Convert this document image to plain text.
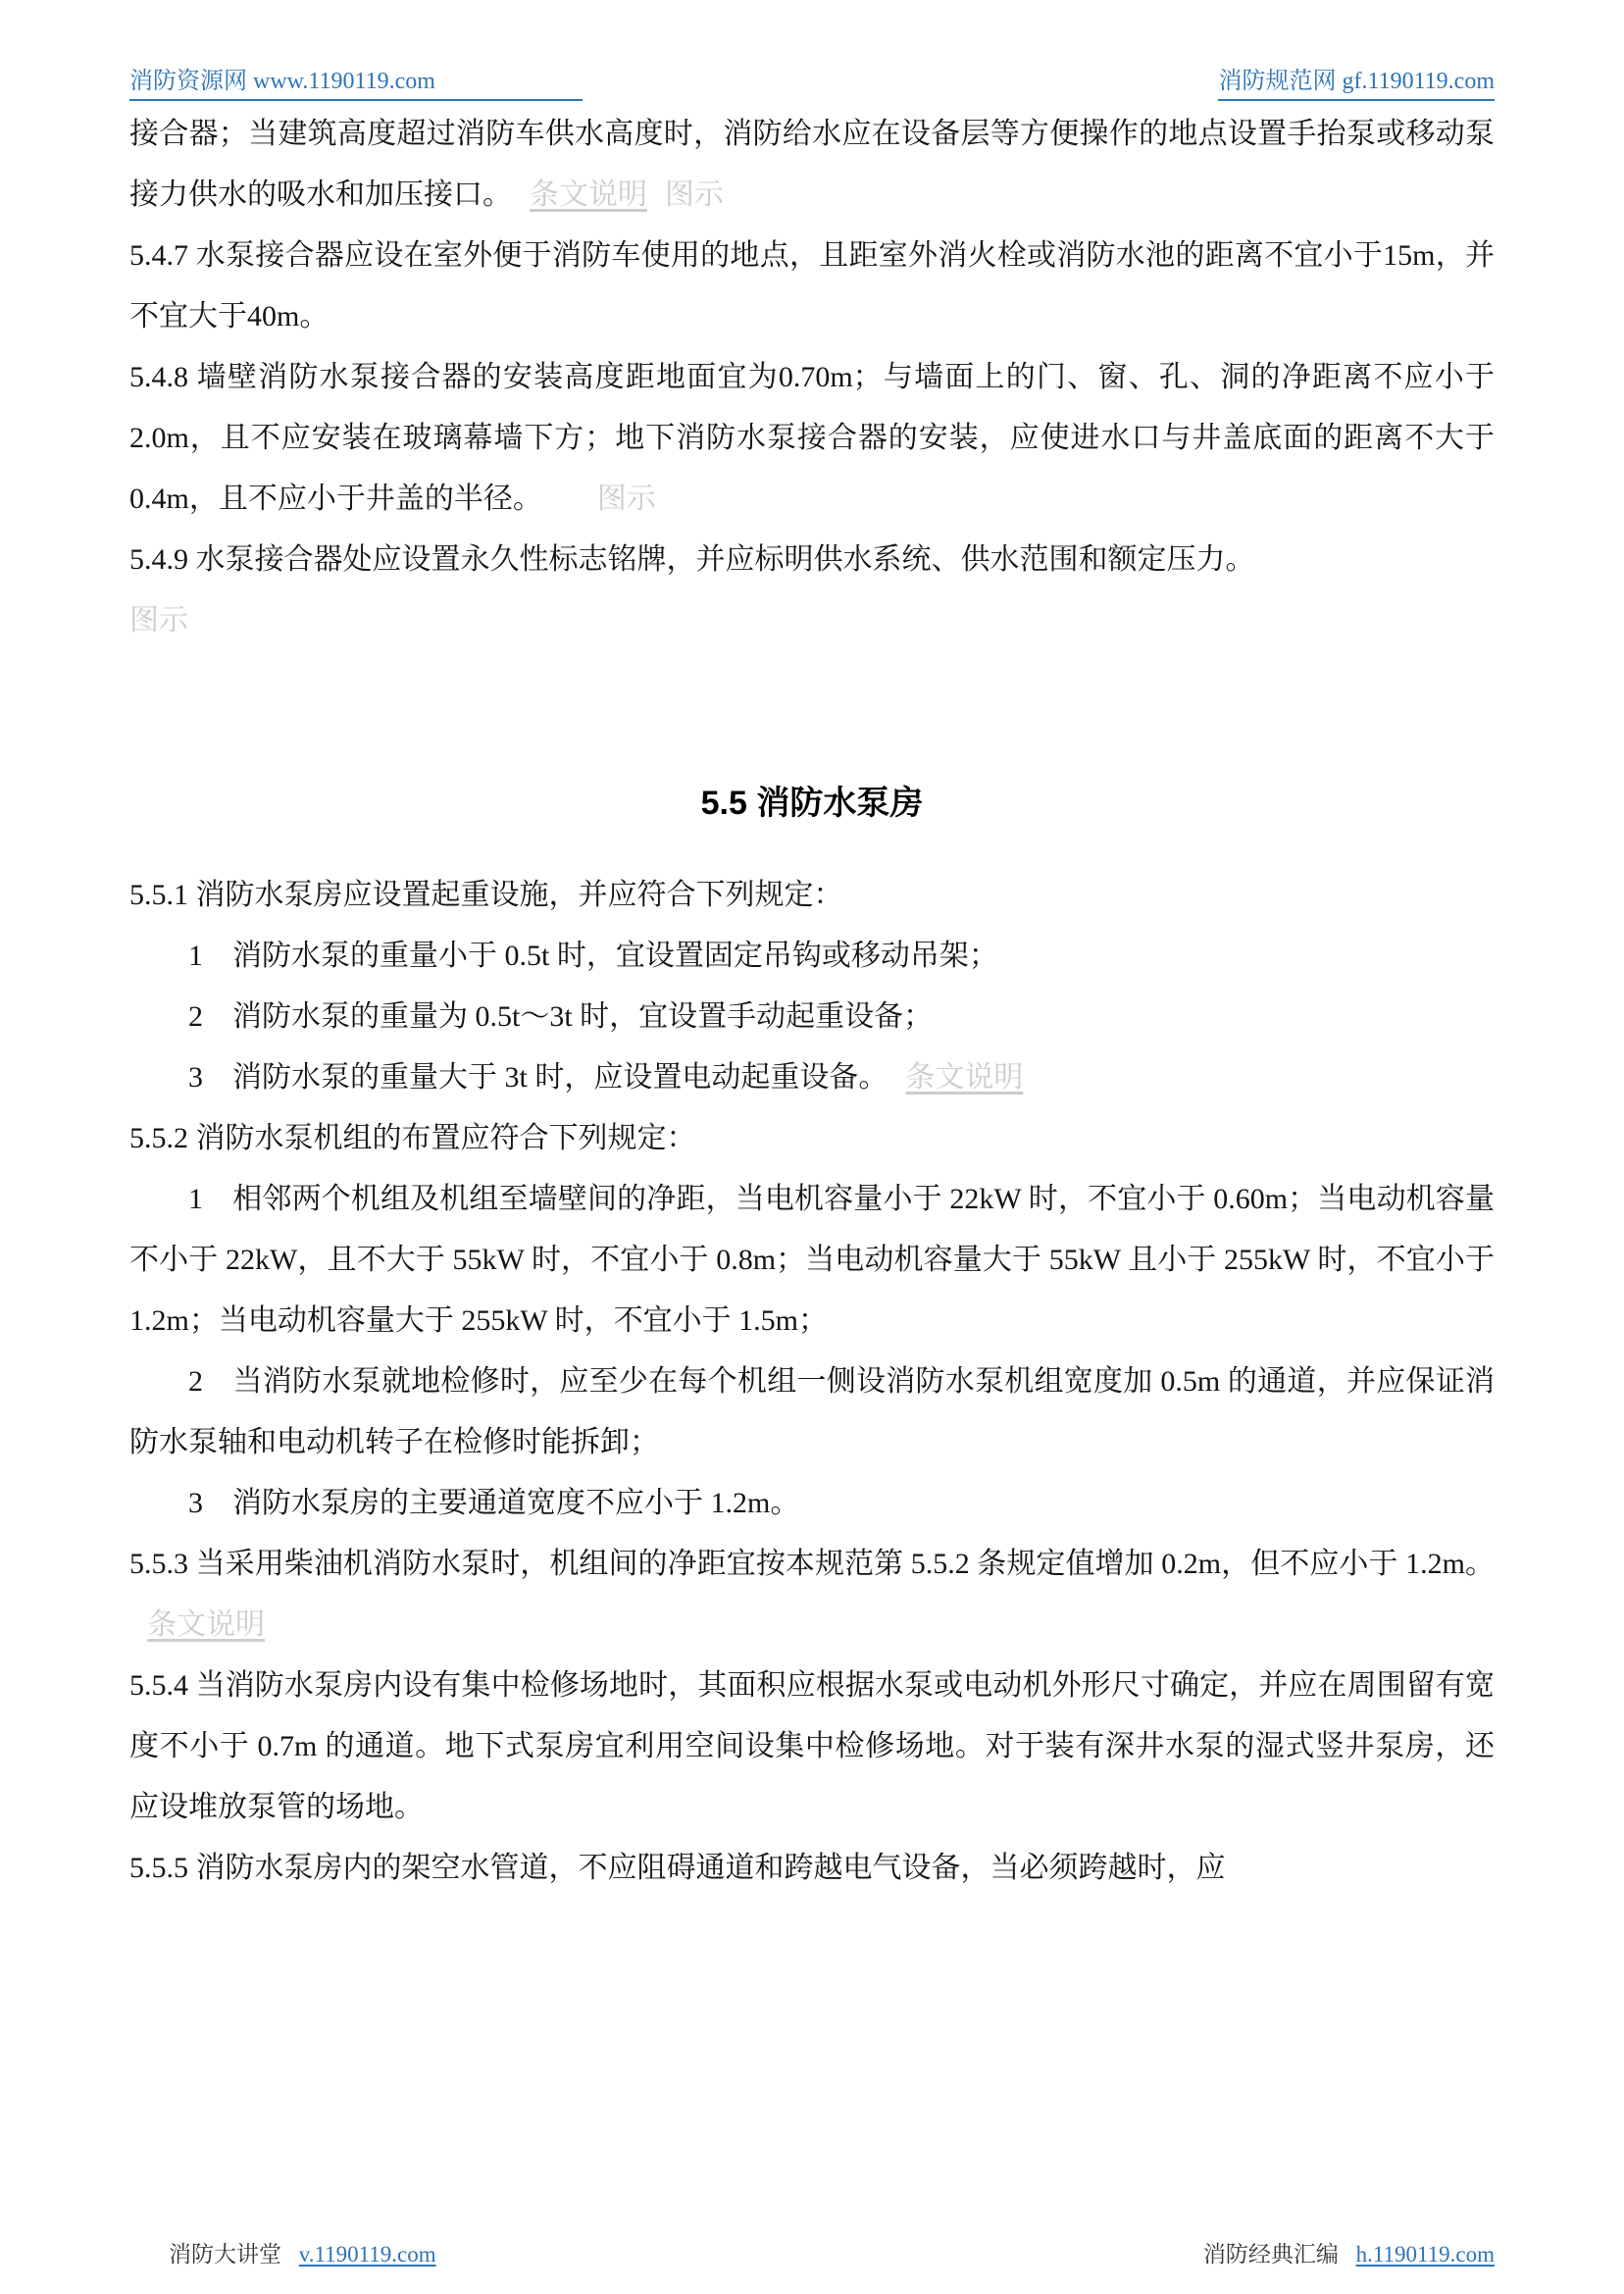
消防资源网 www.1190119.com	消防规范网 gf.1190119.com

接合器；当建筑高度超过消防车供水高度时，消防给水应在设备层等方便操作的地点设置手抬泵或移动泵接力供水的吸水和加压接口。 条文说明 图示

5.4.7 水泵接合器应设在室外便于消防车使用的地点，且距室外消火栓或消防水池的距离不宜小于15m，并不宜大于40m。

5.4.8 墙壁消防水泵接合器的安装高度距地面宜为0.70m；与墙面上的门、窗、孔、洞的净距离不应小于2.0m，且不应安装在玻璃幕墙下方；地下消防水泵接合器的安装，应使进水口与井盖底面的距离不大于 0.4m，且不应小于井盖的半径。 图示

5.4.9 水泵接合器处应设置永久性标志铭牌，并应标明供水系统、供水范围和额定压力。

图示

5.5 消防水泵房

5.5.1 消防水泵房应设置起重设施，并应符合下列规定：

1　消防水泵的重量小于 0.5t 时，宜设置固定吊钩或移动吊架；

2　消防水泵的重量为 0.5t～3t 时，宜设置手动起重设备；

3　消防水泵的重量大于 3t 时，应设置电动起重设备。 条文说明

5.5.2 消防水泵机组的布置应符合下列规定：

1　相邻两个机组及机组至墙壁间的净距，当电机容量小于 22kW 时，不宜小于 0.60m；当电动机容量不小于 22kW，且不大于 55kW 时，不宜小于 0.8m；当电动机容量大于 55kW 且小于 255kW 时，不宜小于 1.2m；当电动机容量大于 255kW 时，不宜小于 1.5m；

2　当消防水泵就地检修时，应至少在每个机组一侧设消防水泵机组宽度加 0.5m 的通道，并应保证消防水泵轴和电动机转子在检修时能拆卸；

3　消防水泵房的主要通道宽度不应小于 1.2m。

5.5.3 当采用柴油机消防水泵时，机组间的净距宜按本规范第 5.5.2 条规定值增加 0.2m，但不应小于 1.2m。条文说明

5.5.4 当消防水泵房内设有集中检修场地时，其面积应根据水泵或电动机外形尺寸确定，并应在周围留有宽度不小于 0.7m 的通道。地下式泵房宜利用空间设集中检修场地。对于装有深井水泵的湿式竖井泵房，还应设堆放泵管的场地。

5.5.5 消防水泵房内的架空水管道，不应阻碍通道和跨越电气设备，当必须跨越时，应

消防大讲堂 v.1190119.com	消防经典汇编 h.1190119.com
